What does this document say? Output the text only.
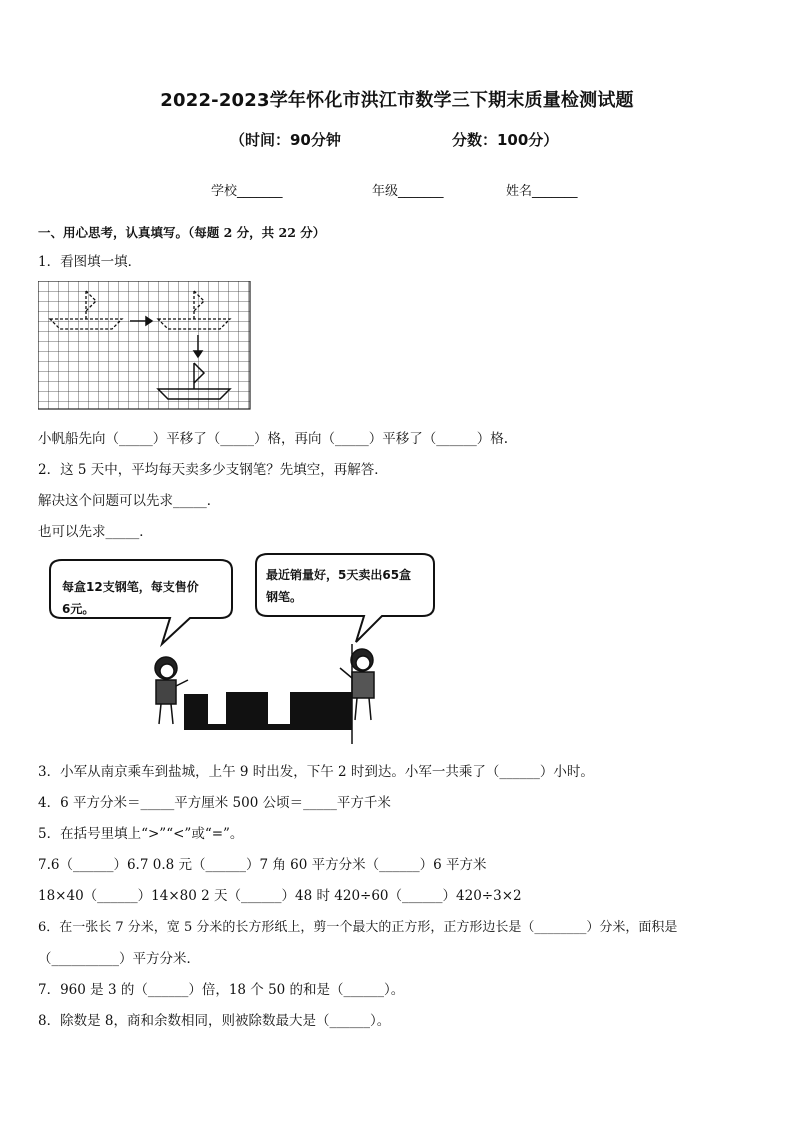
2022-2023学年怀化市洪江市数学三下期末质量检测试题
（时间：90分钟	分数：100分）
学校_______	年级_______	姓名_______
一、用心思考，认真填写。（每题 2 分，共 22 分）
1．看图填一填．
小帆船先向（_____）平移了（_____）格，再向（_____）平移了（______）格.
2．这 5 天中，平均每天卖多少支钢笔？先填空，再解答．
解决这个问题可以先求_____．
也可以先求_____．
每盒12支钢笔，每支售价
6元。
最近销量好，5天卖出65盒
钢笔。
3．小军从南京乘车到盐城，上午 9 时出发，下午 2 时到达。小军一共乘了（______）小时。
4．6 平方分米＝_____平方厘米 500 公顷＝_____平方千米
5．在括号里填上“>”“<”或“=”。
7.6（______）6.7 0.8 元（______）7 角 60 平方分米（______）6 平方米
18×40（______）14×80 2 天（______）48 时 420÷60（______）420÷3×2
6．在一张长 7 分米，宽 5 分米的长方形纸上，剪一个最大的正方形，正方形边长是（________）分米，面积是
（__________）平方分米．
7．960 是 3 的（______）倍，18 个 50 的和是（______）。
8．除数是 8，商和余数相同，则被除数最大是（______）。
